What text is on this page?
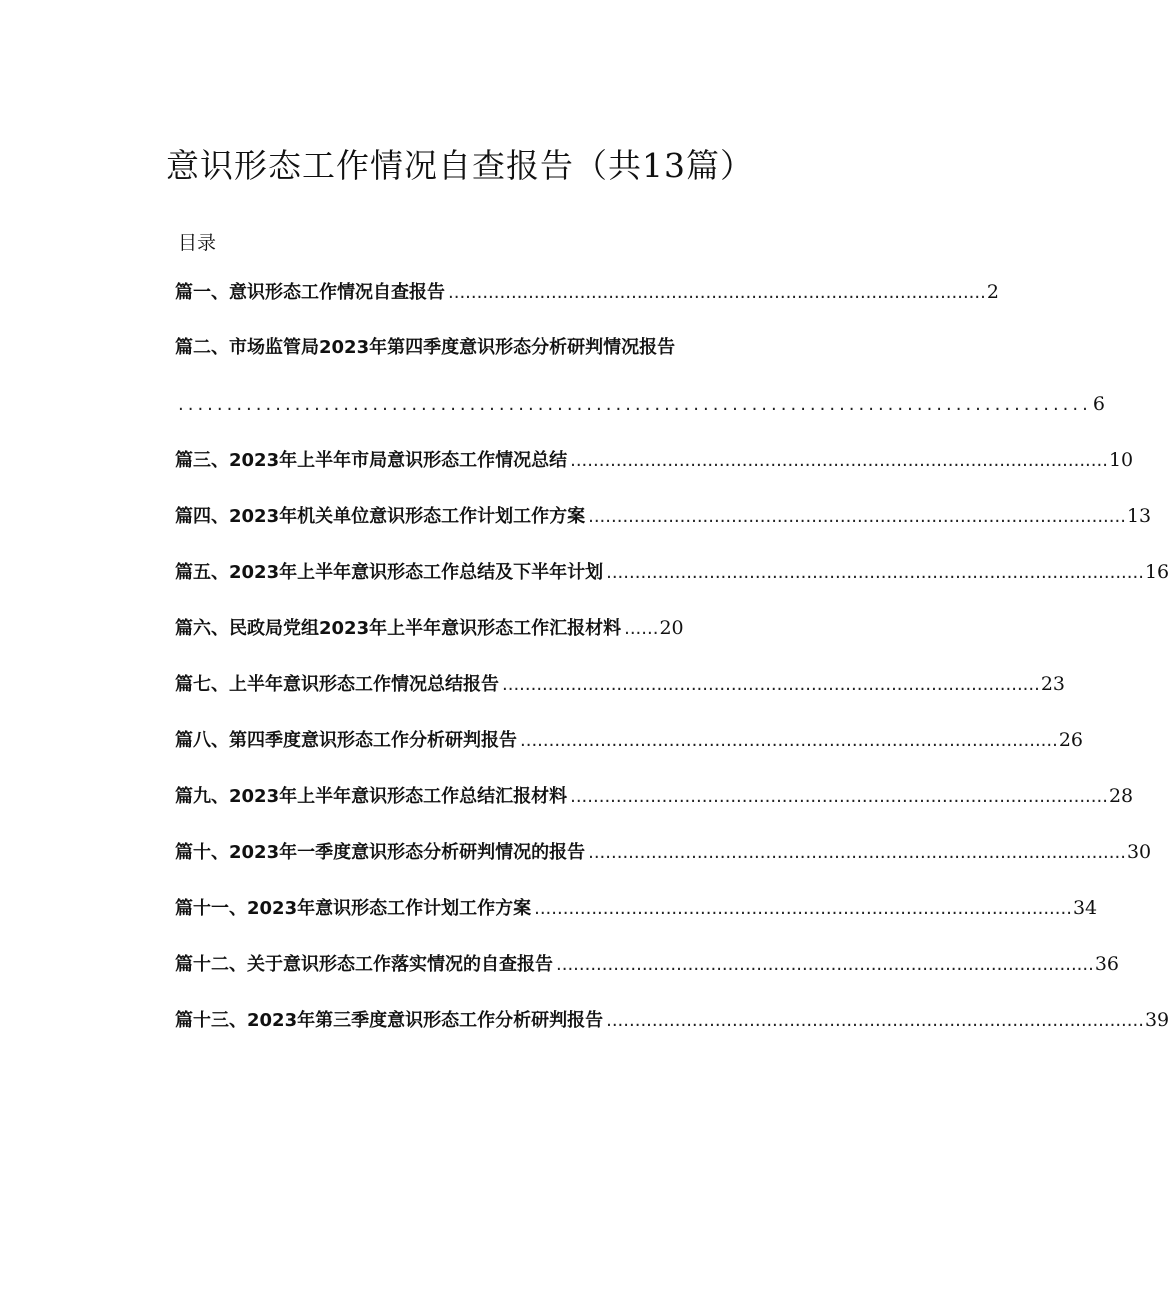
意识形态工作情况自查报告（共13篇）
目录
篇一、意识形态工作情况自查报告 .............................................................................................. 2
篇二、市场监管局2023年第四季度意识形态分析研判情况报告
.............................................................................................. 6
篇三、2023年上半年市局意识形态工作情况总结 .............................................................................................. 10
篇四、2023年机关单位意识形态工作计划工作方案 .............................................................................................. 13
篇五、2023年上半年意识形态工作总结及下半年计划 .............................................................................................. 16
篇六、民政局党组2023年上半年意识形态工作汇报材料 ...... 20
篇七、上半年意识形态工作情况总结报告 .............................................................................................. 23
篇八、第四季度意识形态工作分析研判报告 .............................................................................................. 26
篇九、2023年上半年意识形态工作总结汇报材料 .............................................................................................. 28
篇十、2023年一季度意识形态分析研判情况的报告 .............................................................................................. 30
篇十一、2023年意识形态工作计划工作方案 .............................................................................................. 34
篇十二、关于意识形态工作落实情况的自查报告 .............................................................................................. 36
篇十三、2023年第三季度意识形态工作分析研判报告 .............................................................................................. 39
